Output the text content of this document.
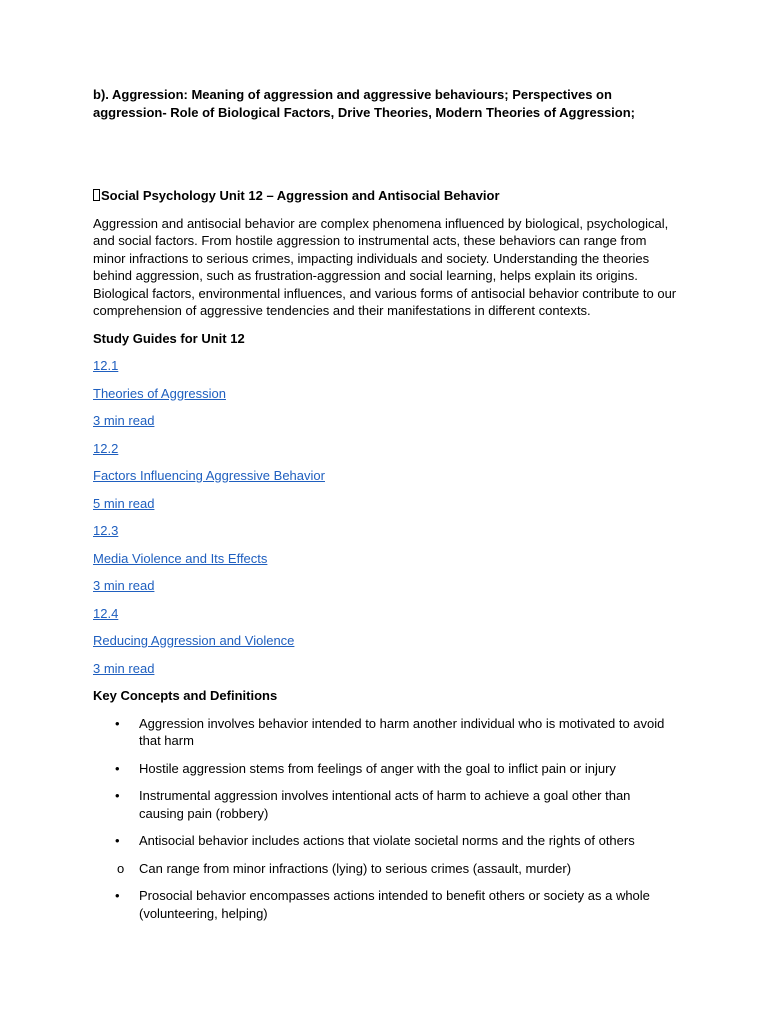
b). Aggression: Meaning of aggression and aggressive behaviours; Perspectives on aggression- Role of Biological Factors, Drive Theories, Modern Theories of Aggression;

Social Psychology Unit 12 – Aggression and Antisocial Behavior

Aggression and antisocial behavior are complex phenomena influenced by biological, psychological, and social factors. From hostile aggression to instrumental acts, these behaviors can range from minor infractions to serious crimes, impacting individuals and society. Understanding the theories behind aggression, such as frustration-aggression and social learning, helps explain its origins. Biological factors, environmental influences, and various forms of antisocial behavior contribute to our comprehension of aggressive tendencies and their manifestations in different contexts.

Study Guides for Unit 12

12.1

Theories of Aggression

3 min read

12.2

Factors Influencing Aggressive Behavior

5 min read

12.3

Media Violence and Its Effects

3 min read

12.4

Reducing Aggression and Violence

3 min read

Key Concepts and Definitions

• Aggression involves behavior intended to harm another individual who is motivated to avoid that harm
• Hostile aggression stems from feelings of anger with the goal to inflict pain or injury
• Instrumental aggression involves intentional acts of harm to achieve a goal other than causing pain (robbery)
• Antisocial behavior includes actions that violate societal norms and the rights of others
o Can range from minor infractions (lying) to serious crimes (assault, murder)
• Prosocial behavior encompasses actions intended to benefit others or society as a whole (volunteering, helping)
